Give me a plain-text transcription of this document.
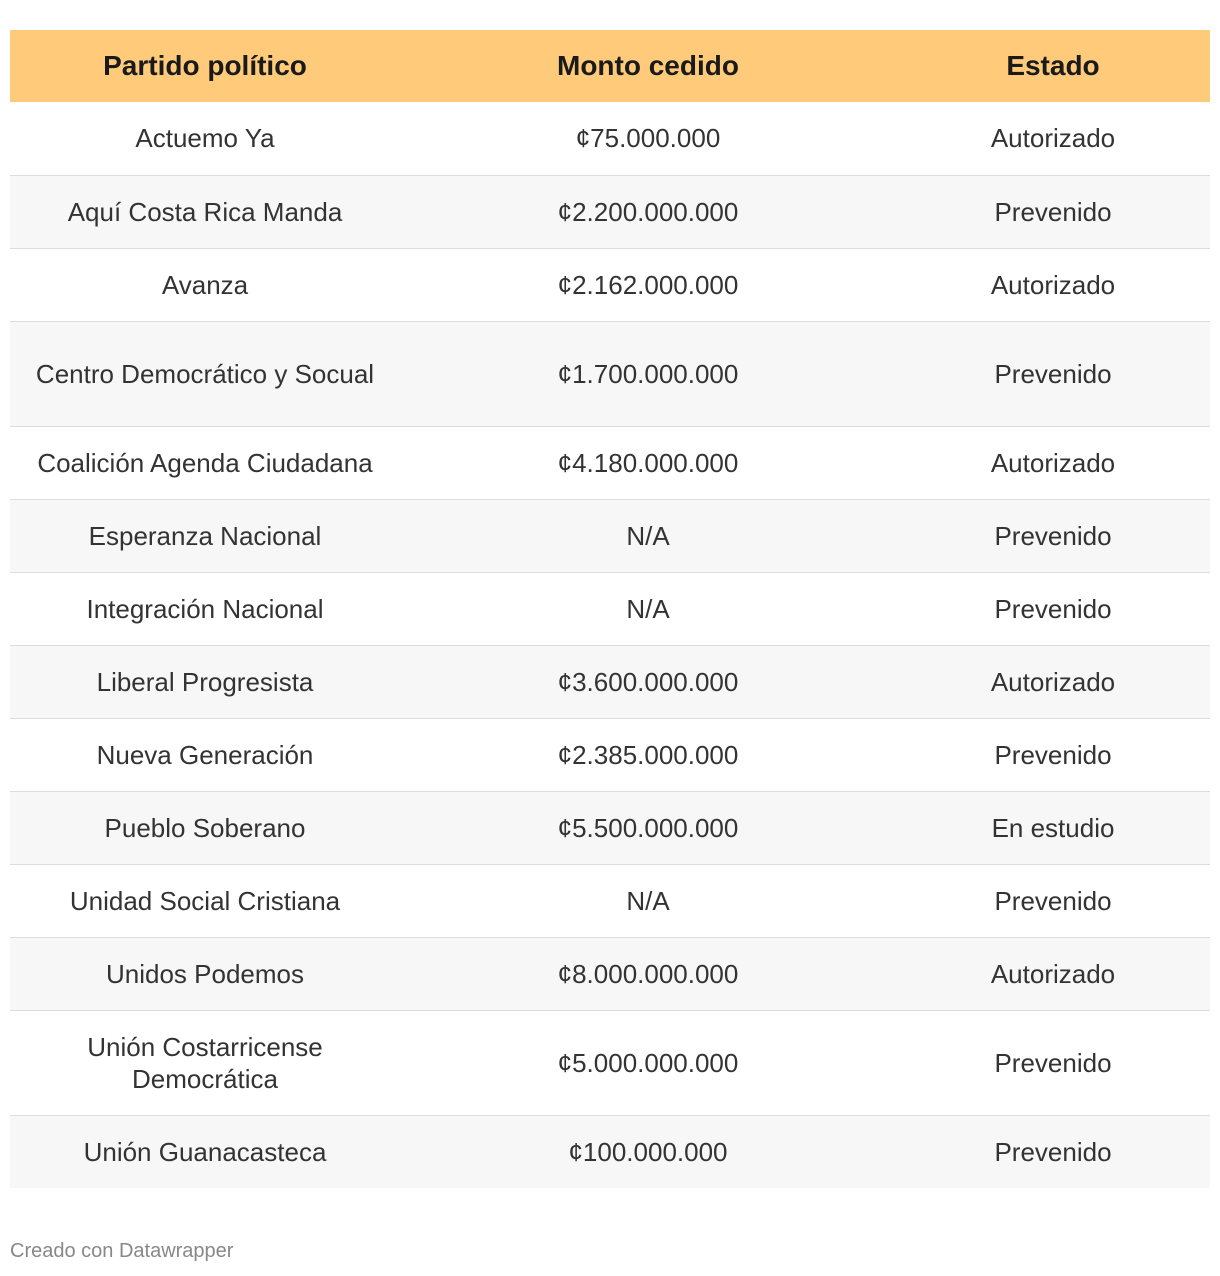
Partido político	Monto cedido	Estado
Actuemo Ya	¢75.000.000	Autorizado
Aquí Costa Rica Manda	¢2.200.000.000	Prevenido
Avanza	¢2.162.000.000	Autorizado
Centro Democrático y Socual	¢1.700.000.000	Prevenido
Coalición Agenda Ciudadana	¢4.180.000.000	Autorizado
Esperanza Nacional	N/A	Prevenido
Integración Nacional	N/A	Prevenido
Liberal Progresista	¢3.600.000.000	Autorizado
Nueva Generación	¢2.385.000.000	Prevenido
Pueblo Soberano	¢5.500.000.000	En estudio
Unidad Social Cristiana	N/A	Prevenido
Unidos Podemos	¢8.000.000.000	Autorizado
Unión Costarricense Democrática	¢5.000.000.000	Prevenido
Unión Guanacasteca	¢100.000.000	Prevenido
Creado con Datawrapper
